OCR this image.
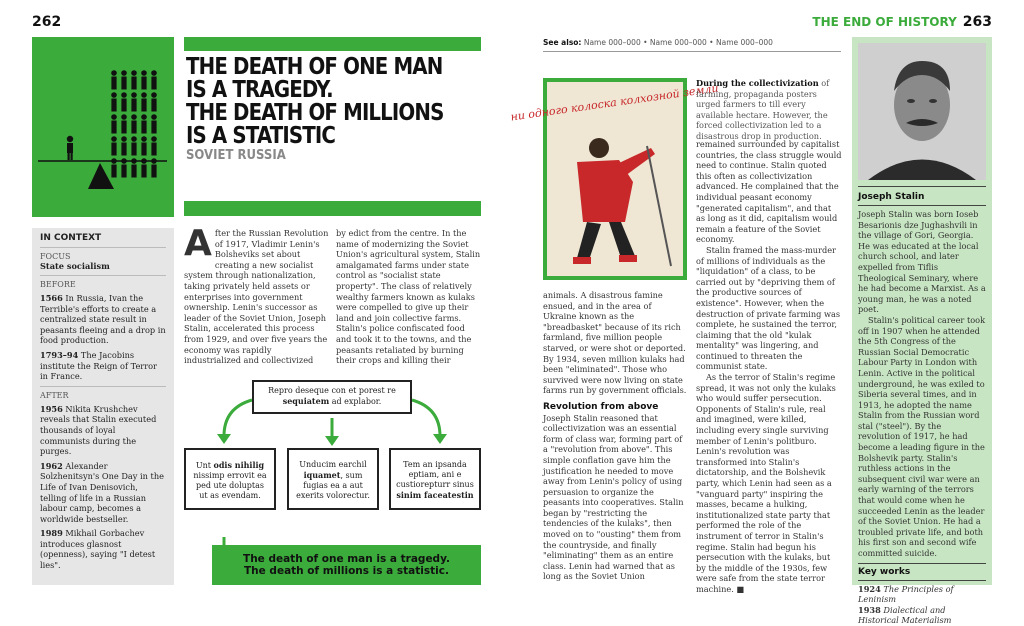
262
THE DEATH OF ONE MAN
IS A TRAGEDY.
THE DEATH OF MILLIONS
IS A STATISTIC
SOVIET RUSSIA
IN CONTEXT
FOCUS
State socialism
BEFORE
1566 In Russia, Ivan the Terrible's efforts to create a centralized state result in peasants fleeing and a drop in food production.
1793–94 The Jacobins institute the Reign of Terror in France.
AFTER
1956 Nikita Krushchev reveals that Stalin executed thousands of loyal communists during the purges.
1962 Alexander Solzhenitsyn's One Day in the Life of Ivan Denisovich, telling of life in a Russian labour camp, becomes a worldwide bestseller.
1989 Mikhail Gorbachev introduces glasnost (openness), saying "I detest lies".
A fter the Russian Revolution of 1917, Vladimir Lenin's Bolsheviks set about creating a new socialist system through nationalization, taking privately held assets or enterprises into government ownership. Lenin's successor as leader of the Soviet Union, Joseph Stalin, accelerated this process from 1929, and over five years the economy was rapidly industrialized and collectivized
by edict from the centre. In the name of modernizing the Soviet Union's agricultural system, Stalin amalgamated farms under state control as "socialist state property". The class of relatively wealthy farmers known as kulaks were compelled to give up their land and join collective farms. Stalin's police confiscated food and took it to the towns, and the peasants retaliated by burning their crops and killing their
Repro deseque con et porest re sequiatem ad explabor.
Unt odis nihilig nissimp errovit ea ped ute doluptas ut as evendam.
Unducim earchil iquamet, sum fugias ea a aut exerits volorectur.
Tem an ipsanda eptiam, ani e custiorepturr sinus sinim faceatestin
The death of one man is a tragedy.
The death of millions is a statistic.
See also: Name 000–000 • Name 000–000 • Name 000–000
ни одного колоска колхозной земли
During the collectivization of farming, propaganda posters urged farmers to till every available hectare. However, the forced collectivization led to a disastrous drop in production.
animals. A disastrous famine ensued, and in the area of Ukraine known as the "breadbasket" because of its rich farmland, five million people starved, or were shot or deported. By 1934, seven million kulaks had been "eliminated". Those who survived were now living on state farms run by government officials.
Revolution from above
Joseph Stalin reasoned that collectivization was an essential form of class war, forming part of a "revolution from above". This simple conflation gave him the justification he needed to move away from Lenin's policy of using persuasion to organize the peasants into cooperatives. Stalin began by "restricting the tendencies of the kulaks", then moved on to "ousting" them from the countryside, and finally "eliminating" them as an entire class. Lenin had warned that as long as the Soviet Union
remained surrounded by capitalist countries, the class struggle would need to continue. Stalin quoted this often as collectivization advanced. He complained that the individual peasant economy "generated capitalism", and that as long as it did, capitalism would remain a feature of the Soviet economy.
Stalin framed the mass-murder of millions of individuals as the "liquidation" of a class, to be carried out by "depriving them of the productive sources of existence". However, when the destruction of private farming was complete, he sustained the terror, claiming that the old "kulak mentality" was lingering, and continued to threaten the communist state.
As the terror of Stalin's regime spread, it was not only the kulaks who would suffer persecution. Opponents of Stalin's rule, real and imagined, were killed, including every single surviving member of Lenin's politburo. Lenin's revolution was transformed into Stalin's dictatorship, and the Bolshevik party, which Lenin had seen as a "vanguard party" inspiring the masses, became a hulking, institutionalized state party that performed the role of the instrument of terror in Stalin's regime. Stalin had begun his persecution with the kulaks, but by the middle of the 1930s, few were safe from the state terror machine. ■
THE END OF HISTORY 263
Joseph Stalin
Joseph Stalin was born Ioseb Besarionis dze Jughashvili in the village of Gori, Georgia. He was educated at the local church school, and later expelled from Tiflis Theological Seminary, where he had become a Marxist. As a young man, he was a noted poet.
Stalin's political career took off in 1907 when he attended the 5th Congress of the Russian Social Democratic Labour Party in London with Lenin. Active in the political underground, he was exiled to Siberia several times, and in 1913, he adopted the name Stalin from the Russian word stal ("steel"). By the revolution of 1917, he had become a leading figure in the Bolshevik party. Stalin's ruthless actions in the subsequent civil war were an early warning of the terrors that would come when he succeeded Lenin as the leader of the Soviet Union. He had a troubled private life, and both his first son and second wife committed suicide.
Key works
1924 The Principles of Leninism
1938 Dialectical and Historical Materialism
